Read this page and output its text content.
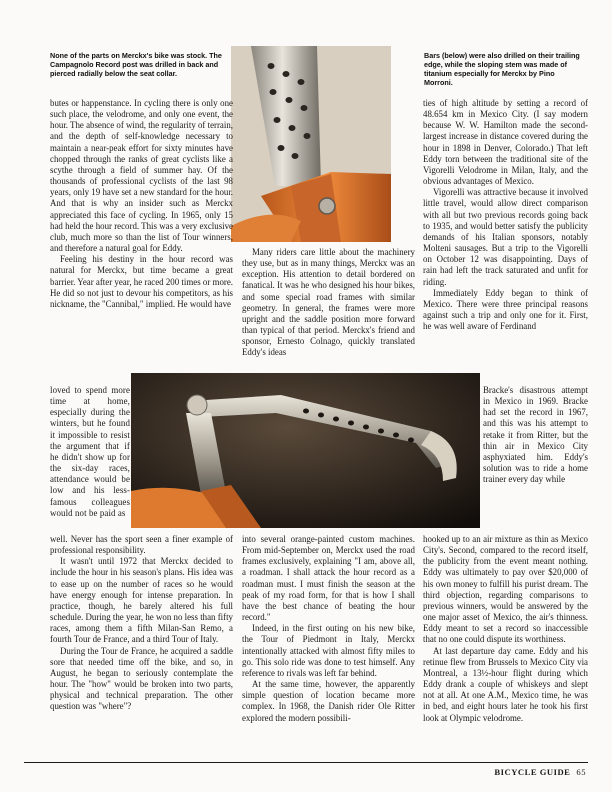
None of the parts on Merckx's bike was stock. The Campagnolo Record post was drilled in back and pierced radially below the seat collar.
Bars (below) were also drilled on their trailing edge, while the sloping stem was made of titanium especially for Merckx by Pino Morroni.

butes or happenstance. In cycling there is only one such place, the velodrome, and only one event, the hour. The absence of wind, the regularity of terrain, and the depth of self-knowledge necessary to maintain a near-peak effort for sixty minutes have chopped through the ranks of great cyclists like a scythe through a field of summer hay. Of the thousands of professional cyclists of the last 98 years, only 19 have set a new standard for the hour. And that is why an insider such as Merckx appreciated this face of cycling. In 1965, only 15 had held the hour record. This was a very exclusive club, much more so than the list of Tour winners, and therefore a natural goal for Eddy.

Feeling his destiny in the hour record was natural for Merckx, but time became a great barrier. Year after year, he raced 200 times or more. He did so not just to devour his competitors, as his nickname, the "Cannibal," implied. He would have

loved to spend more time at home, especially during the winters, but he found it impossible to resist the argument that if he didn't show up for the six-day races, attendance would be low and his less-famous colleagues would not be paid as

well. Never has the sport seen a finer example of professional responsibility.

It wasn't until 1972 that Merckx decided to include the hour in his season's plans. His idea was to ease up on the number of races so he would have energy enough for intense preparation. In practice, though, he barely altered his full schedule. During the year, he won no less than fifty races, among them a fifth Milan-San Remo, a fourth Tour de France, and a third Tour of Italy.

During the Tour de France, he acquired a saddle sore that needed time off the bike, and so, in August, he began to seriously contemplate the hour. The "how" would be broken into two parts, physical and technical preparation. The other question was "where"?

Many riders care little about the machinery they use, but as in many things, Merckx was an exception. His attention to detail bordered on fanatical. It was he who designed his hour bikes, and some special road frames with similar geometry. In general, the frames were more upright and the saddle position more forward than typical of that period. Merckx's friend and sponsor, Ernesto Colnago, quickly translated Eddy's ideas

into several orange-painted custom machines. From mid-September on, Merckx used the road frames exclusively, explaining "I am, above all, a roadman. I shall attack the hour record as a roadman must. I must finish the season at the peak of my road form, for that is how I shall have the best chance of beating the hour record."

Indeed, in the first outing on his new bike, the Tour of Piedmont in Italy, Merckx intentionally attacked with almost fifty miles to go. This solo ride was done to test himself. Any reference to rivals was left far behind.

At the same time, however, the apparently simple question of location became more complex. In 1968, the Danish rider Ole Ritter explored the modern possibili-

ties of high altitude by setting a record of 48.654 km in Mexico City. (I say modern because W. W. Hamilton made the second-largest increase in distance covered during the hour in 1898 in Denver, Colorado.) That left Eddy torn between the traditional site of the Vigorelli Velodrome in Milan, Italy, and the obvious advantages of Mexico.

Vigorelli was attractive because it involved little travel, would allow direct comparison with all but two previous records going back to 1935, and would better satisfy the publicity demands of his Italian sponsors, notably Molteni sausages. But a trip to the Vigorelli on October 12 was disappointing. Days of rain had left the track saturated and unfit for riding.

Immediately Eddy began to think of Mexico. There were three principal reasons against such a trip and only one for it. First, he was well aware of Ferdinand

Bracke's disastrous attempt in Mexico in 1969. Bracke had set the record in 1967, and this was his attempt to retake it from Ritter, but the thin air in Mexico City asphyxiated him. Eddy's solution was to ride a home trainer every day while

hooked up to an air mixture as thin as Mexico City's. Second, compared to the record itself, the publicity from the event meant nothing. Eddy was ultimately to pay over $20,000 of his own money to fulfill his purist dream. The third objection, regarding comparisons to previous winners, would be answered by the one major asset of Mexico, the air's thinness. Eddy meant to set a record so inaccessible that no one could dispute its worthiness.

At last departure day came. Eddy and his retinue flew from Brussels to Mexico City via Montreal, a 13½-hour flight during which Eddy drank a couple of whiskeys and slept not at all. At one A.M., Mexico time, he was in bed, and eight hours later he took his first look at Olympic velodrome.

BICYCLE GUIDE 65
